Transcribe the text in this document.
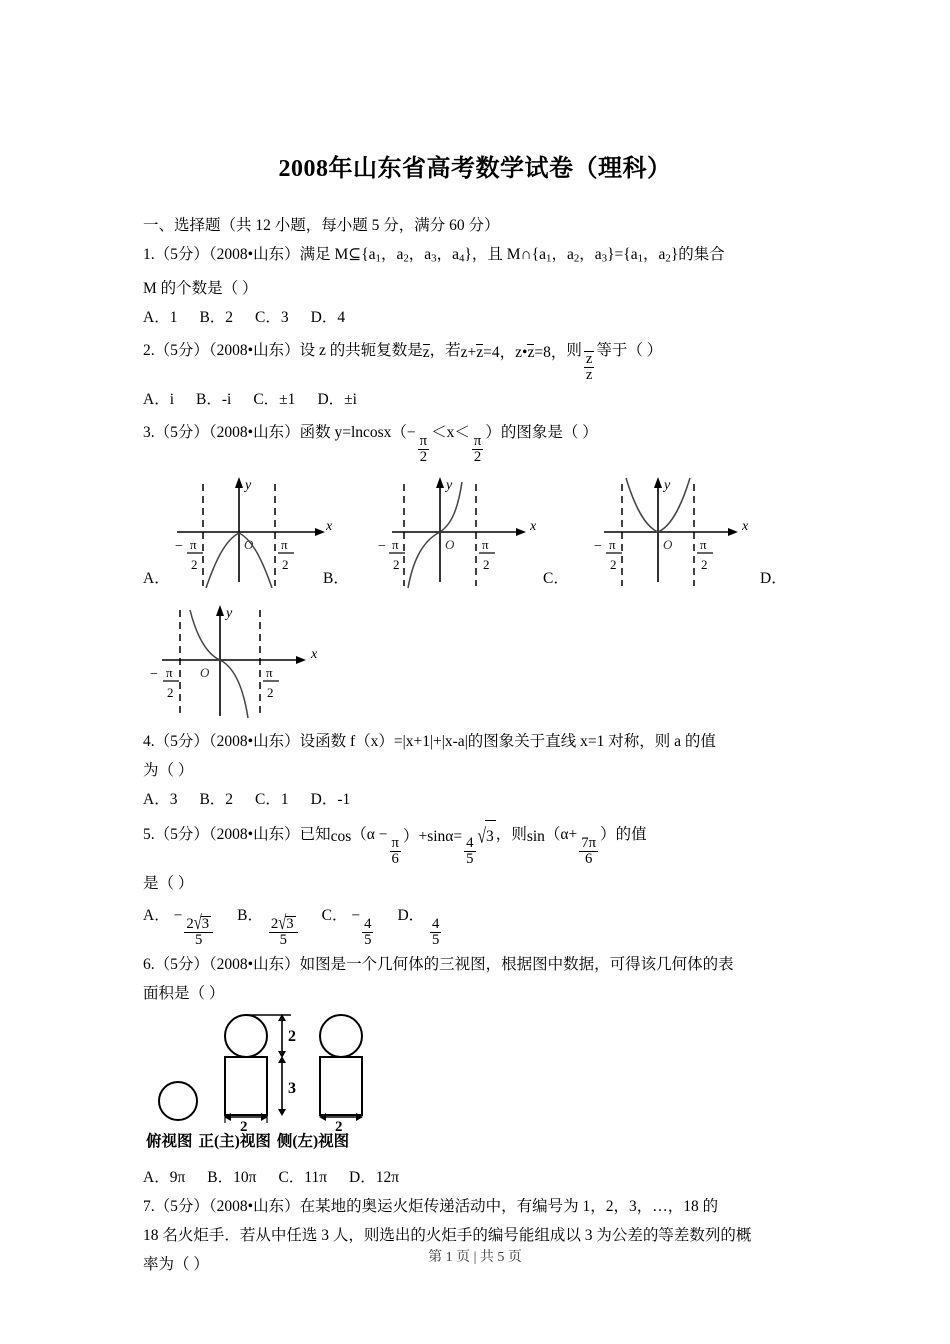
2008年山东省高考数学试卷（理科）
一、选择题（共 12 小题，每小题 5 分，满分 60 分）
1.（5分）（2008•山东）满足 $M⊆\{a_1$，$a_2$，$a_3$，$a_4$}，且 $M\cap\{a_1$，$a_2$，$a_3\}=\{a_1$，$a_2$}的集合
M 的个数是（ ）
A．1 B．2 C．3 D．4
2.（5分）（2008•山东）设 z 的共轭复数是z，若z+z=4，z•z=8，则
$\frac{z}{z}$
等于（ ）
A．i B．‑i C．±1 D．±i
3.（5分）（2008•山东）函数 y=lncosx（−
$\frac{\pi}{2}$
＜x＜
$\frac{\pi}{2}$
）的图象是（ ）
x
y
O
− π
2
π
2
A．
x
y
O
− π
2
π
2
B．
x
y
O
− π
2
π
2
C．	D．
x
y
O
− π
2
π
2
4.（5分）（2008•山东）设函数 f（x）=|x+1|+|x‑a|的图象关于直线 x=1 对称，则 a 的值
为（ ）
A．3 B．2 C．1 D．‑1
5.（5分）（2008•山东）已知cos（α −
$\frac{\pi}{6} )+\sin\alpha= \frac{4}{5} √3$ ，则sin（α+
$\frac{7\pi}{6}$
）的值
是（ ）
A． −
$\frac{2√3}{5}$
B．
$\frac{2√3}{5}$
C． −
$\frac{4}{5}$
D．
$\frac{4}{5}$
6.（5分）（2008•山东）如图是一个几何体的三视图，根据图中数据，可得该几何体的表
面积是（ ）
2
3
2	2
俯视图 正(主)视图 侧(左)视图
A．9π B．10π C．11π D．12π
7.（5分）（2008•山东）在某地的奥运火炬传递活动中，有编号为 1，2，3，…，18 的
18 名火炬手．若从中任选 3 人，则选出的火炬手的编号能组成以 3 为公差的等差数列的概
率为（ ）	第 1 页 | 共 5 页
